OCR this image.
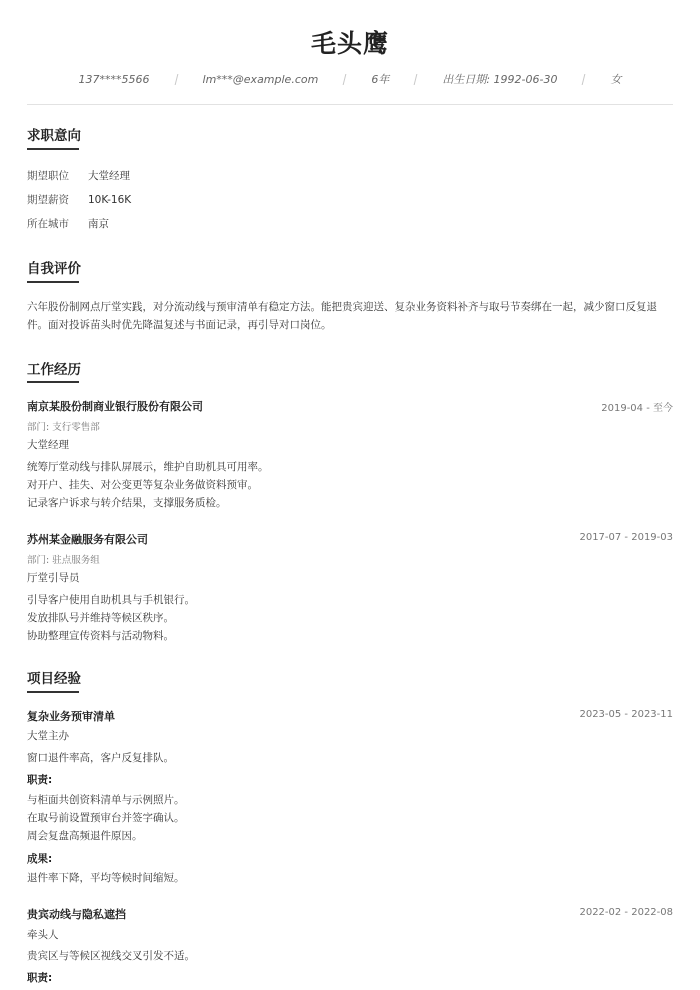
毛头鹰
137****5566	lm***@example.com	6年	出生日期: 1992-06-30	女
求职意向
期望职位 大堂经理
期望薪资 10K-16K
所在城市 南京
自我评价
六年股份制网点厅堂实践，对分流动线与预审清单有稳定方法。能把贵宾迎送、复杂业务资料补齐与取号节奏绑在一起，减少窗口反复退件。面对投诉苗头时优先降温复述与书面记录，再引导对口岗位。
工作经历
南京某股份制商业银行股份有限公司	2019-04 - 至今
部门: 支行零售部
大堂经理
统筹厅堂动线与排队屏展示，维护自助机具可用率。
对开户、挂失、对公变更等复杂业务做资料预审。
记录客户诉求与转介结果，支撑服务质检。
苏州某金融服务有限公司	2017-07 - 2019-03
部门: 驻点服务组
厅堂引导员
引导客户使用自助机具与手机银行。
发放排队号并维持等候区秩序。
协助整理宣传资料与活动物料。
项目经验
复杂业务预审清单	2023-05 - 2023-11
大堂主办
窗口退件率高，客户反复排队。
职责:
与柜面共创资料清单与示例照片。
在取号前设置预审台并签字确认。
周会复盘高频退件原因。
成果:
退件率下降，平均等候时间缩短。
贵宾动线与隐私遮挡	2022-02 - 2022-08
牵头人
贵宾区与等候区视线交叉引发不适。
职责:
